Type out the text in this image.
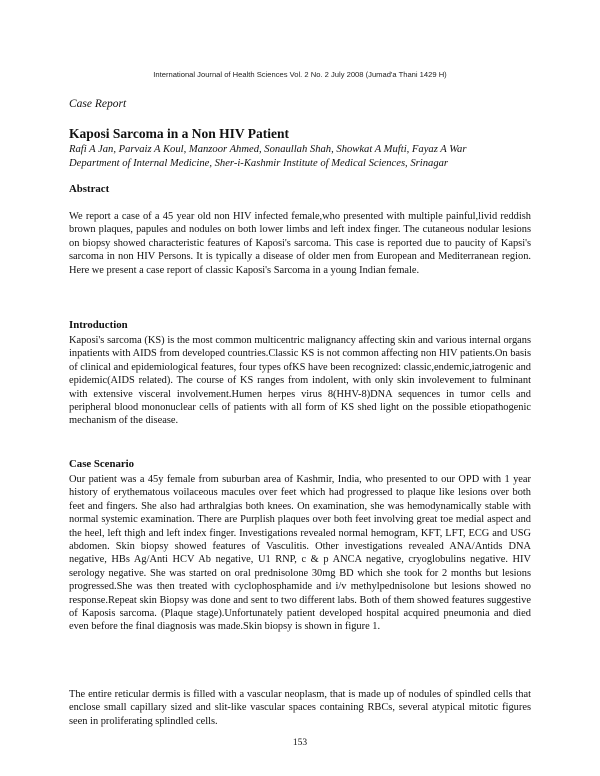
International Journal of Health Sciences Vol. 2 No. 2 July 2008 (Jumad'a Thani 1429 H)
Case Report
Kaposi Sarcoma in a Non HIV Patient
Rafi A Jan, Parvaiz A Koul, Manzoor Ahmed, Sonaullah Shah, Showkat A Mufti, Fayaz A War
Department of Internal Medicine, Sher-i-Kashmir Institute of Medical Sciences, Srinagar
Abstract

We report a case of a 45 year old non HIV infected female,who presented with multiple painful,livid reddish brown plaques, papules and nodules on both lower limbs and left index finger. The cutaneous nodular lesions on biopsy showed characteristic features of Kaposi's sarcoma. This case is reported due to paucity of Kapsi's sarcoma in non HIV Persons. It is typically a disease of older men from European and Mediterranean region. Here we present a case report of classic Kaposi's Sarcoma in a young Indian female.

Introduction

Kaposi's sarcoma (KS) is the most common multicentric malignancy affecting skin and various internal organs inpatients with AIDS from developed countries.Classic KS is not common affecting non HIV patients.On basis of clinical and epidemiological features, four types ofKS have been recognized: classic,endemic,iatrogenic and epidemic(AIDS related). The course of KS ranges from indolent, with only skin involevement to fulminant with extensive visceral involvement.Humen herpes virus 8(HHV-8)DNA sequences in tumor cells and peripheral blood mononuclear cells of patients with all form of KS shed light on the possible etiopathogenic mechanism of the disease.

Case Scenario

Our patient was a 45y female from suburban area of Kashmir, India, who presented to our OPD with 1 year history of erythematous voilaceous macules over feet which had progressed to plaque like lesions over both feet and fingers. She also had arthralgias both knees. On examination, she was hemodynamically stable with normal systemic examination. There are Purplish plaques over both feet involving great toe medial aspect and the heel, left thigh and left index finger. Investigations revealed normal hemogram, KFT, LFT, ECG and USG abdomen. Skin biopsy showed features of Vasculitis. Other investigations revealed ANA/Antids DNA negative, HBs Ag/Anti HCV Ab negative, U1 RNP, c & p ANCA negative, cryoglobulins negative. HIV serology negative. She was started on oral prednisolone 30mg BD which she took for 2 months but lesions progressed.She was then treated with cyclophosphamide and i/v methylpednisolone but lesions showed no response.Repeat skin Biopsy was done and sent to two different labs. Both of them showed features suggestive of Kaposis sarcoma. (Plaque stage).Unfortunately patient developed hospital acquired pneumonia and died even before the final diagnosis was made.Skin biopsy is shown in figure 1.

The entire reticular dermis is filled with a vascular neoplasm, that is made up of nodules of spindled cells that enclose small capillary sized and slit-like vascular spaces containing RBCs, several atypical mitotic figures seen in proliferating splindled cells.

153
